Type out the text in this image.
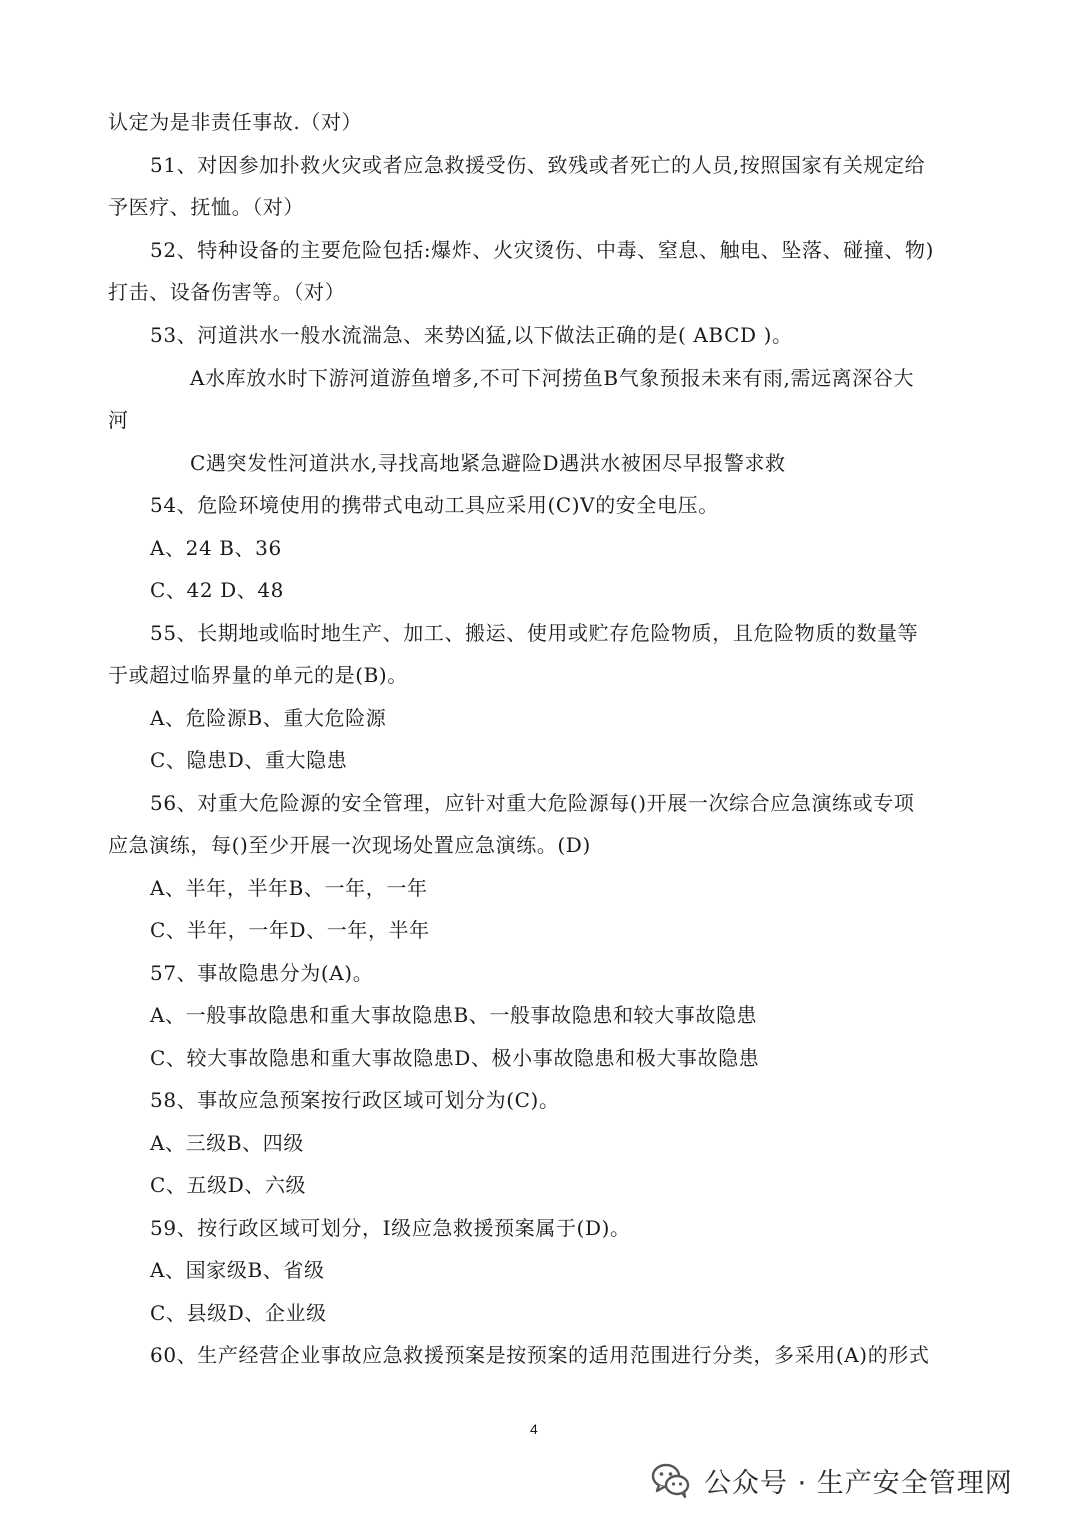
认定为是非责任事故.（对）
51、对因参加扑救火灾或者应急救援受伤、致残或者死亡的人员,按照国家有关规定给
予医疗、抚恤。（对）
52、特种设备的主要危险包括:爆炸、火灾烫伤、中毒、窒息、触电、坠落、碰撞、物)
打击、设备伤害等。（对）
53、河道洪水一般水流湍急、来势凶猛,以下做法正确的是( ABCD )。
A水库放水时下游河道游鱼增多,不可下河捞鱼B气象预报未来有雨,需远离深谷大
河
C遇突发性河道洪水,寻找高地紧急避险D遇洪水被困尽早报警求救
54、危险环境使用的携带式电动工具应采用(C)V的安全电压。
A、24 B、36
C、42 D、48
55、长期地或临时地生产、加工、搬运、使用或贮存危险物质，且危险物质的数量等
于或超过临界量的单元的是(B)。
A、危险源B、重大危险源
C、隐患D、重大隐患
56、对重大危险源的安全管理，应针对重大危险源每()开展一次综合应急演练或专项
应急演练，每()至少开展一次现场处置应急演练。(D)
A、半年，半年B、一年，一年
C、半年，一年D、一年，半年
57、事故隐患分为(A)。
A、一般事故隐患和重大事故隐患B、一般事故隐患和较大事故隐患
C、较大事故隐患和重大事故隐患D、极小事故隐患和极大事故隐患
58、事故应急预案按行政区域可划分为(C)。
A、三级B、四级
C、五级D、六级
59、按行政区域可划分，Ⅰ级应急救援预案属于(D)。
A、国家级B、省级
C、县级D、企业级
60、生产经营企业事故应急救援预案是按预案的适用范围进行分类，多采用(A)的形式
4
公众号 · 生产安全管理网
